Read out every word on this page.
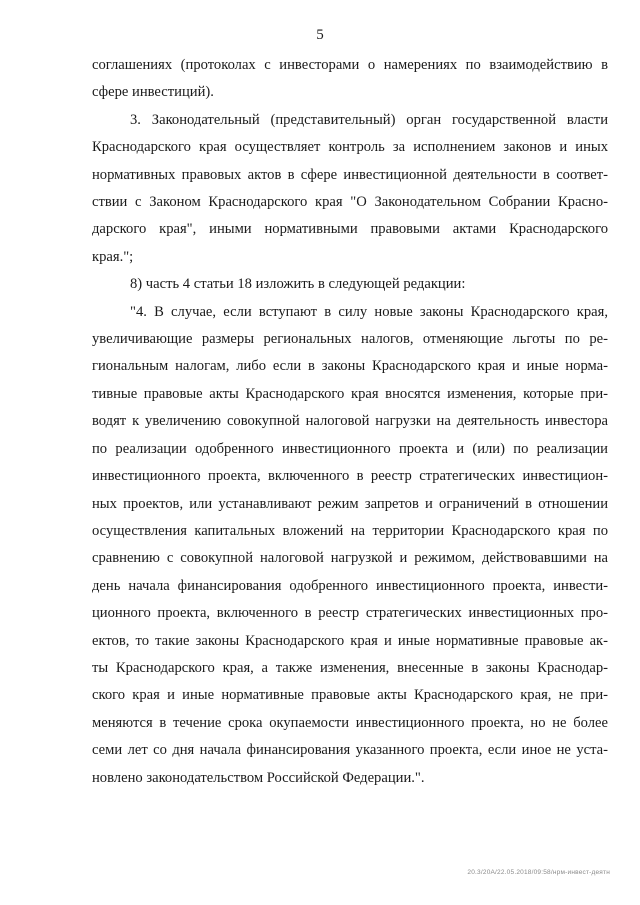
5
соглашениях (протоколах с инвесторами о намерениях по взаимодействию в
сфере инвестиций).
3. Законодательный (представительный) орган государственной власти
Краснодарского края осуществляет контроль за исполнением законов и иных
нормативных правовых актов в сфере инвестиционной деятельности в соответ-
ствии с Законом Краснодарского края "О Законодательном Собрании Красно-
дарского края", иными нормативными правовыми актами Краснодарского
края.";
8) часть 4 статьи 18 изложить в следующей редакции:
"4. В случае, если вступают в силу новые законы Краснодарского края,
увеличивающие размеры региональных налогов, отменяющие льготы по ре-
гиональным налогам, либо если в законы Краснодарского края и иные норма-
тивные правовые акты Краснодарского края вносятся изменения, которые при-
водят к увеличению совокупной налоговой нагрузки на деятельность инвестора
по реализации одобренного инвестиционного проекта и (или) по реализации
инвестиционного проекта, включенного в реестр стратегических инвестицион-
ных проектов, или устанавливают режим запретов и ограничений в отношении
осуществления капитальных вложений на территории Краснодарского края по
сравнению с совокупной налоговой нагрузкой и режимом, действовавшими на
день начала финансирования одобренного инвестиционного проекта, инвести-
ционного проекта, включенного в реестр стратегических инвестиционных про-
ектов, то такие законы Краснодарского края и иные нормативные правовые ак-
ты Краснодарского края, а также изменения, внесенные в законы Краснодар-
ского края и иные нормативные правовые акты Краснодарского края, не при-
меняются в течение срока окупаемости инвестиционного проекта, но не более
семи лет со дня начала финансирования указанного проекта, если иное не уста-
новлено законодательством Российской Федерации.".
20.3/20А/22.05.2018/09:58/нрм-инвест-деятн
